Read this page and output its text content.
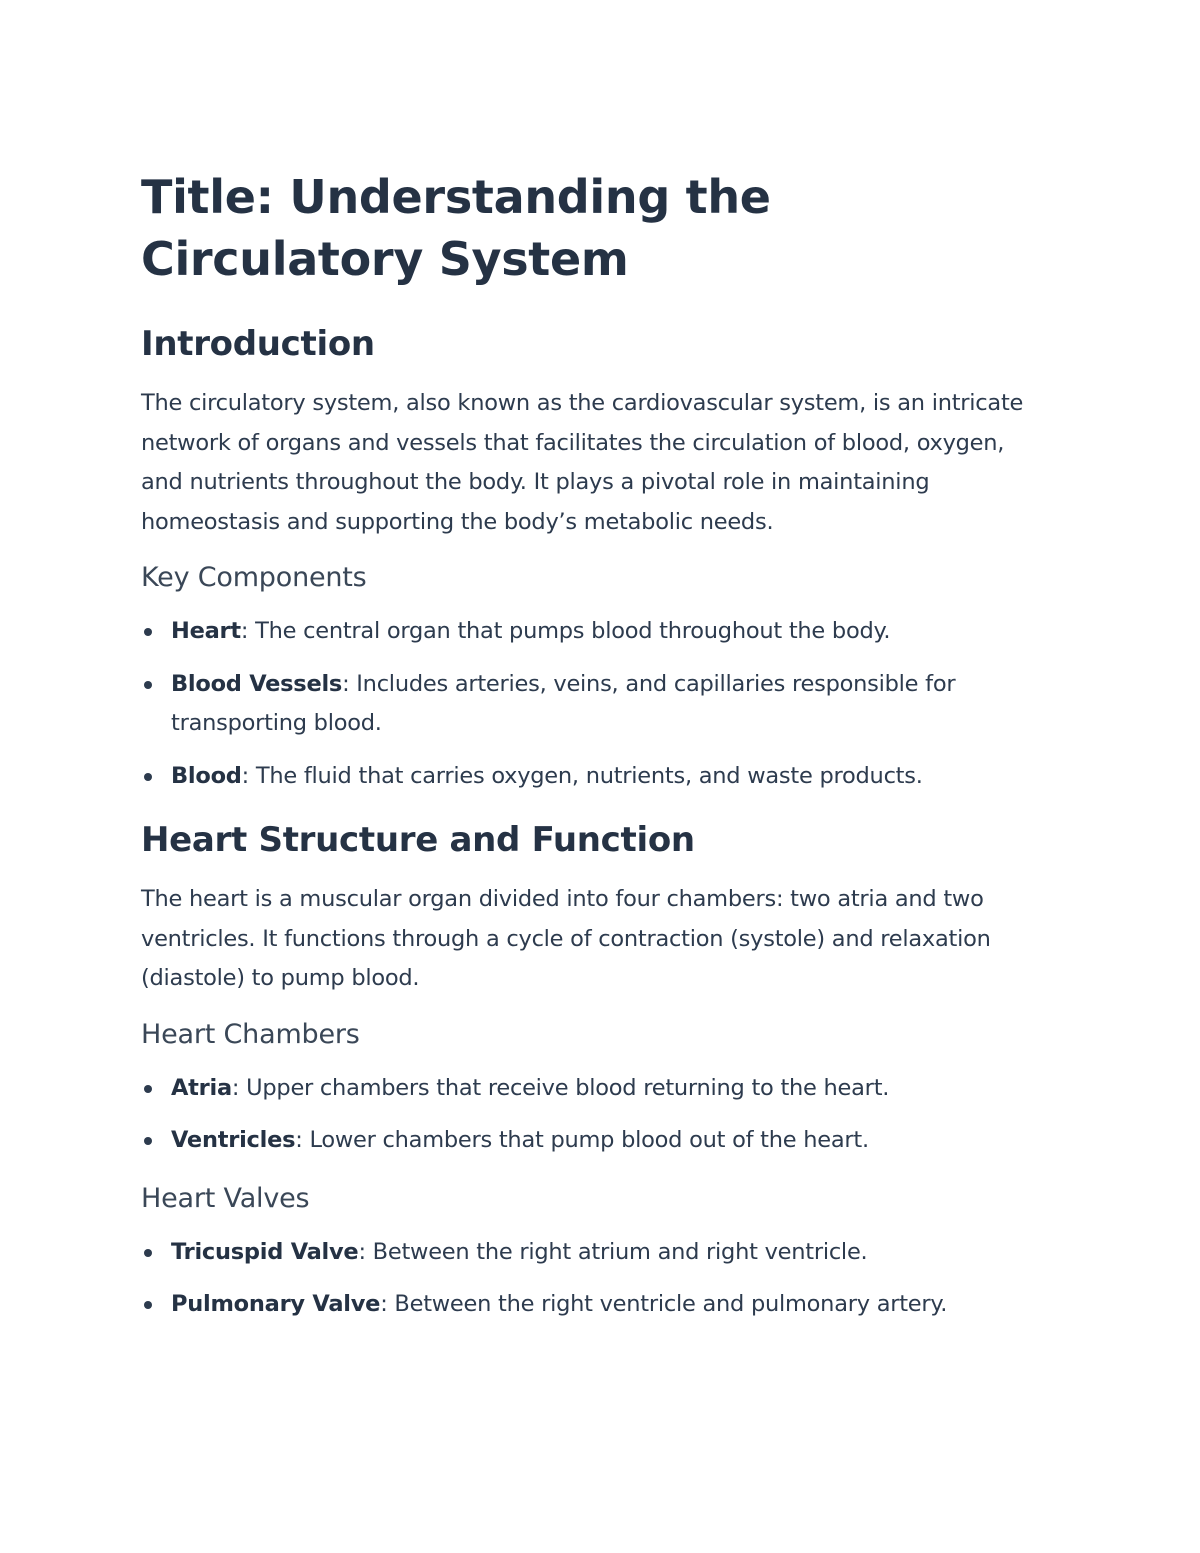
Title: Understanding the Circulatory System
Introduction

The circulatory system, also known as the cardiovascular system, is an intricate network of organs and vessels that facilitates the circulation of blood, oxygen, and nutrients throughout the body. It plays a pivotal role in maintaining homeostasis and supporting the body’s metabolic needs.

Key Components
Heart: The central organ that pumps blood throughout the body.
Blood Vessels: Includes arteries, veins, and capillaries responsible for transporting blood.
Blood: The fluid that carries oxygen, nutrients, and waste products.
Heart Structure and Function

The heart is a muscular organ divided into four chambers: two atria and two ventricles. It functions through a cycle of contraction (systole) and relaxation (diastole) to pump blood.

Heart Chambers
Atria: Upper chambers that receive blood returning to the heart.
Ventricles: Lower chambers that pump blood out of the heart.
Heart Valves
Tricuspid Valve: Between the right atrium and right ventricle.
Pulmonary Valve: Between the right ventricle and pulmonary artery.
